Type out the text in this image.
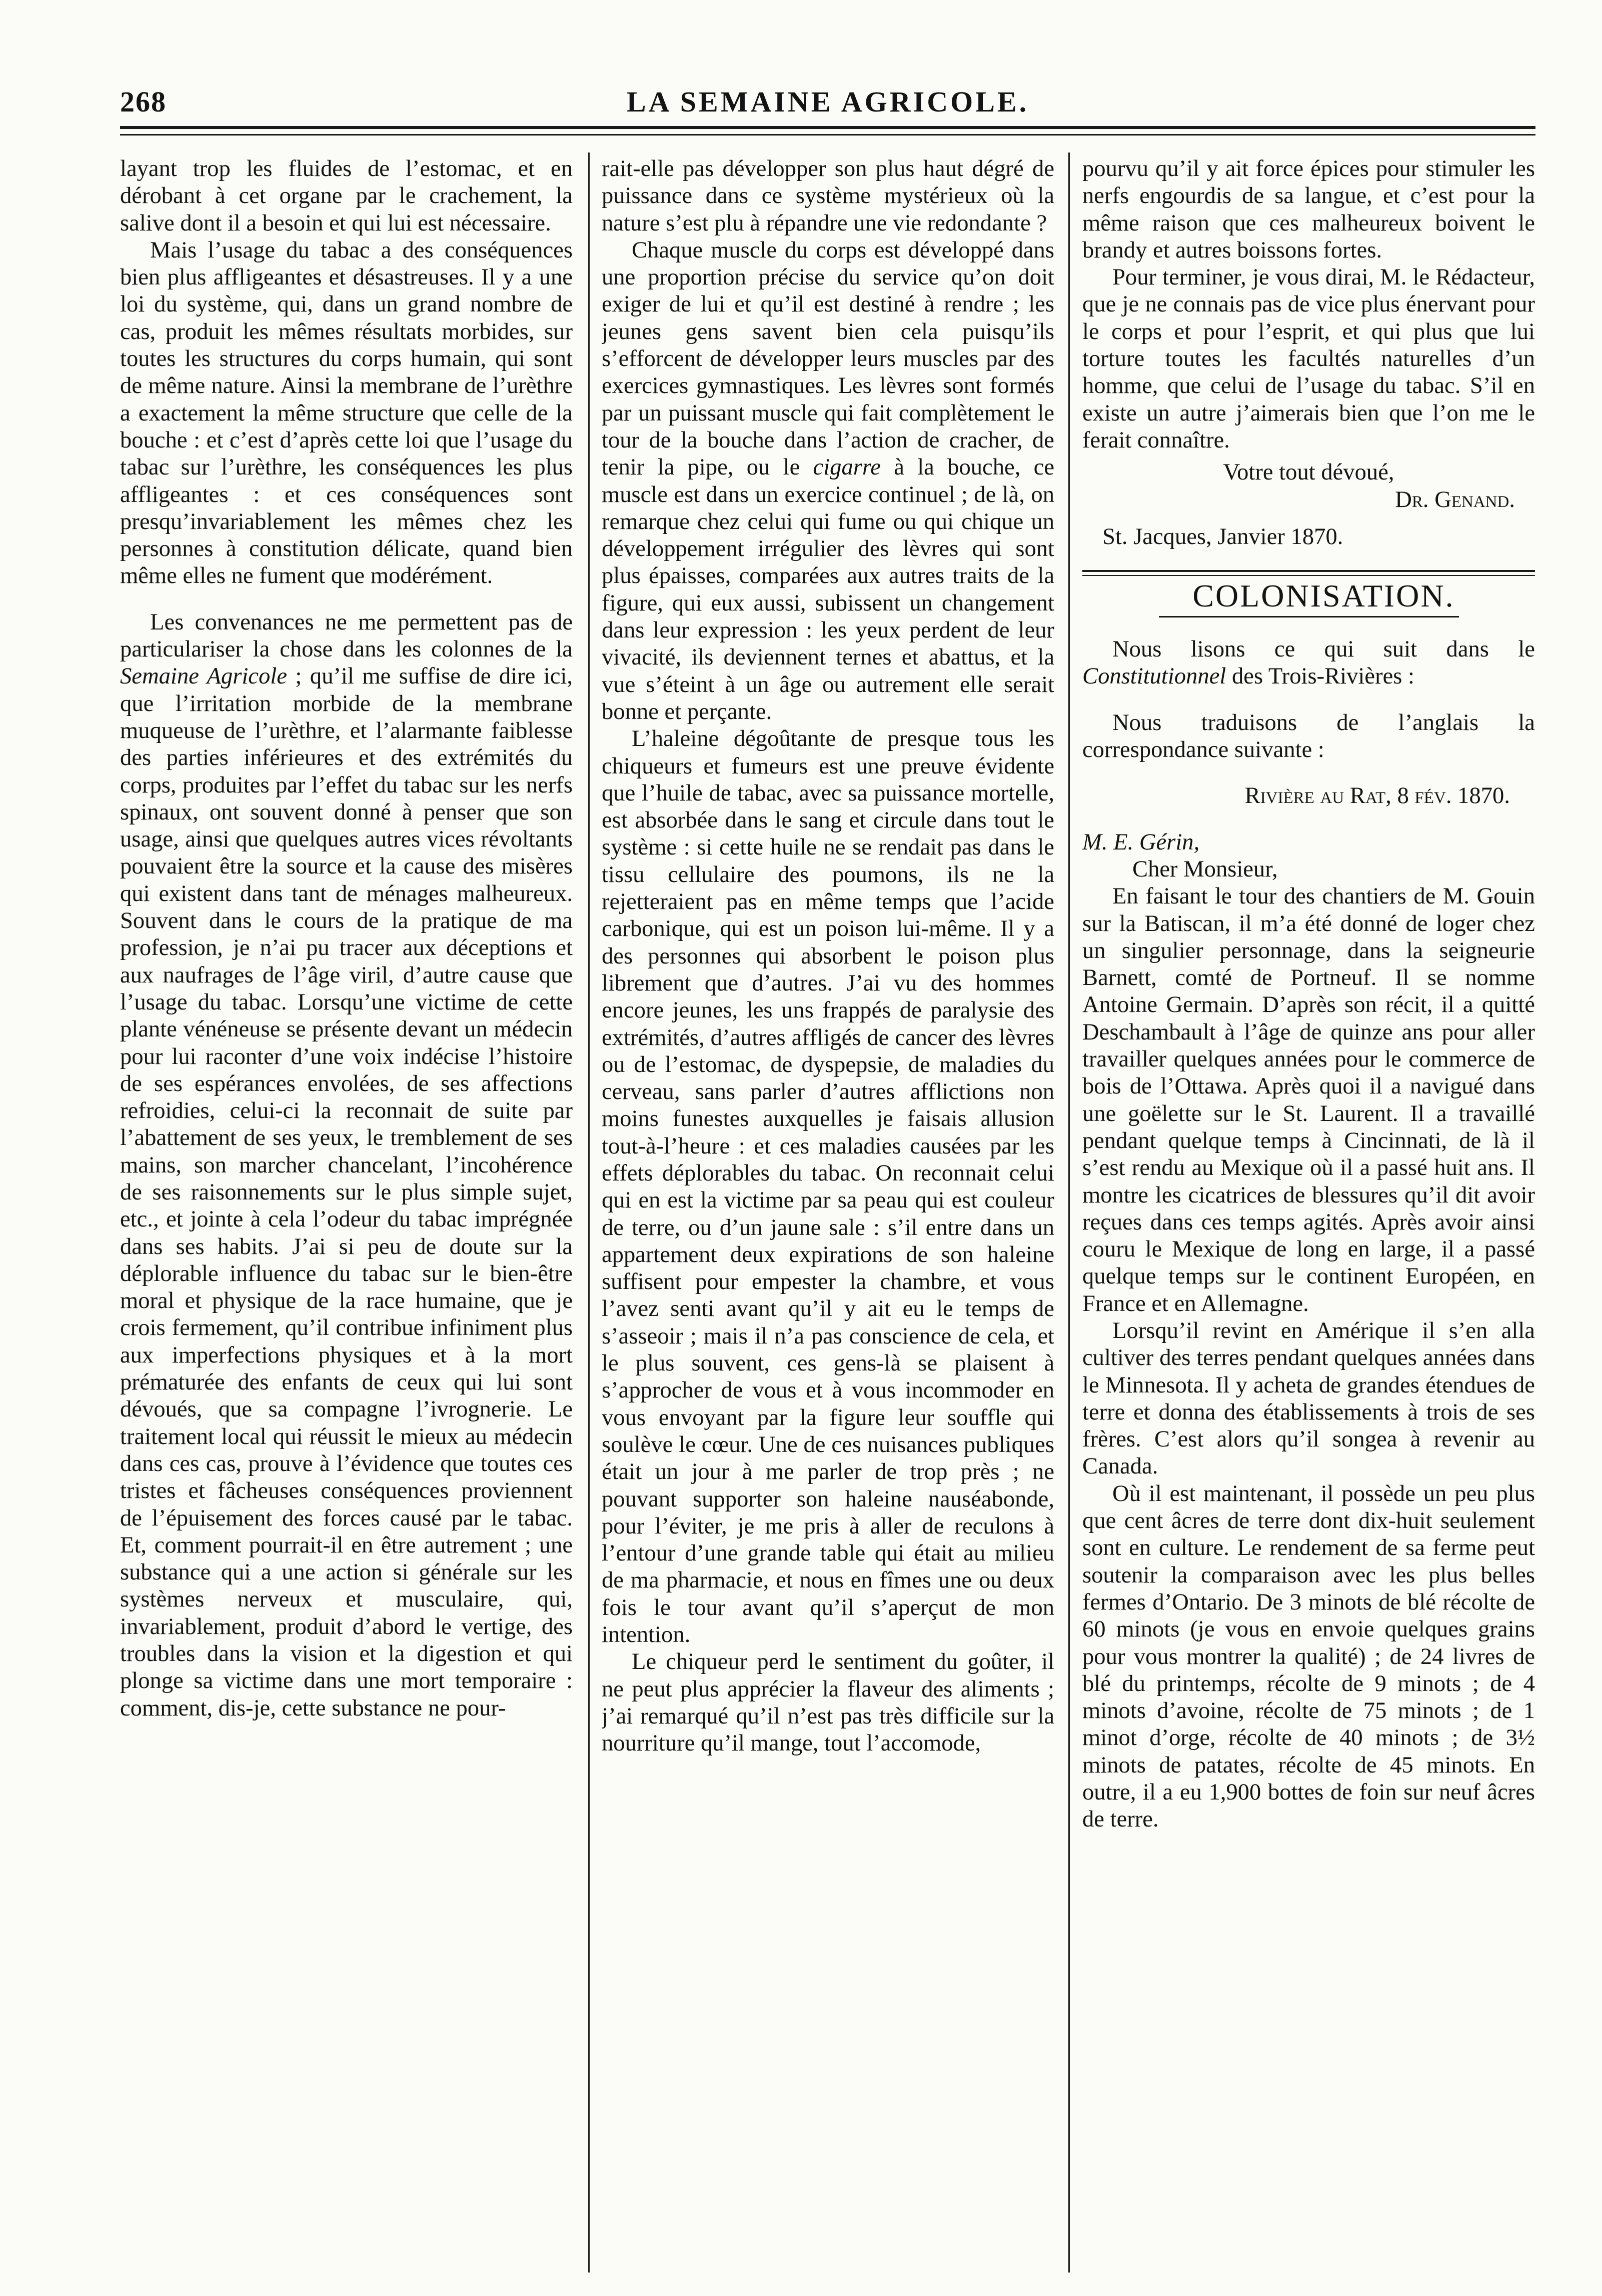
268	LA SEMAINE AGRICOLE.

layant trop les fluides de l’estomac, et en dérobant à cet organe par le crachement, la salive dont il a besoin et qui lui est nécessaire.

Mais l’usage du tabac a des conséquences bien plus affligeantes et désastreuses. Il y a une loi du système, qui, dans un grand nombre de cas, produit les mêmes résultats morbides, sur toutes les structures du corps humain, qui sont de même nature. Ainsi la membrane de l’urèthre a exactement la même structure que celle de la bouche : et c’est d’après cette loi que l’usage du tabac sur l’urèthre, les conséquences les plus affligeantes : et ces conséquences sont presqu’invariablement les mêmes chez les personnes à constitution délicate, quand bien même elles ne fument que modérément.

Les convenances ne me permettent pas de particulariser la chose dans les colonnes de la Semaine Agricole ; qu’il me suffise de dire ici, que l’irritation morbide de la membrane muqueuse de l’urèthre, et l’alarmante faiblesse des parties inférieures et des extrémités du corps, produites par l’effet du tabac sur les nerfs spinaux, ont souvent donné à penser que son usage, ainsi que quelques autres vices révoltants pouvaient être la source et la cause des misères qui existent dans tant de ménages malheureux. Souvent dans le cours de la pratique de ma profession, je n’ai pu tracer aux déceptions et aux naufrages de l’âge viril, d’autre cause que l’usage du tabac. Lorsqu’une victime de cette plante vénéneuse se présente devant un médecin pour lui raconter d’une voix indécise l’histoire de ses espérances envolées, de ses affections refroidies, celui-ci la reconnait de suite par l’abattement de ses yeux, le tremblement de ses mains, son marcher chancelant, l’incohérence de ses raisonnements sur le plus simple sujet, etc., et jointe à cela l’odeur du tabac imprégnée dans ses habits. J’ai si peu de doute sur la déplorable influence du tabac sur le bien-être moral et physique de la race humaine, que je crois fermement, qu’il contribue infiniment plus aux imperfections physiques et à la mort prématurée des enfants de ceux qui lui sont dévoués, que sa compagne l’ivrognerie. Le traitement local qui réussit le mieux au médecin dans ces cas, prouve à l’évidence que toutes ces tristes et fâcheuses conséquences proviennent de l’épuisement des forces causé par le tabac. Et, comment pourrait-il en être autrement ; une substance qui a une action si générale sur les systèmes nerveux et musculaire, qui, invariablement, produit d’abord le vertige, des troubles dans la vision et la digestion et qui plonge sa victime dans une mort temporaire : comment, dis-je, cette substance ne pour-

rait-elle pas développer son plus haut dégré de puissance dans ce système mystérieux où la nature s’est plu à répandre une vie redondante ?

Chaque muscle du corps est développé dans une proportion précise du service qu’on doit exiger de lui et qu’il est destiné à rendre ; les jeunes gens savent bien cela puisqu’ils s’efforcent de développer leurs muscles par des exercices gymnastiques. Les lèvres sont formés par un puissant muscle qui fait complètement le tour de la bouche dans l’action de cracher, de tenir la pipe, ou le cigarre à la bouche, ce muscle est dans un exercice continuel ; de là, on remarque chez celui qui fume ou qui chique un développement irrégulier des lèvres qui sont plus épaisses, comparées aux autres traits de la figure, qui eux aussi, subissent un changement dans leur expression : les yeux perdent de leur vivacité, ils deviennent ternes et abattus, et la vue s’éteint à un âge ou autrement elle serait bonne et perçante.

L’haleine dégoûtante de presque tous les chiqueurs et fumeurs est une preuve évidente que l’huile de tabac, avec sa puissance mortelle, est absorbée dans le sang et circule dans tout le système : si cette huile ne se rendait pas dans le tissu cellulaire des poumons, ils ne la rejetteraient pas en même temps que l’acide carbonique, qui est un poison lui-même. Il y a des personnes qui absorbent le poison plus librement que d’autres. J’ai vu des hommes encore jeunes, les uns frappés de paralysie des extrémités, d’autres affligés de cancer des lèvres ou de l’estomac, de dyspepsie, de maladies du cerveau, sans parler d’autres afflictions non moins funestes auxquelles je faisais allusion tout-à-l’heure : et ces maladies causées par les effets déplorables du tabac. On reconnait celui qui en est la victime par sa peau qui est couleur de terre, ou d’un jaune sale : s’il entre dans un appartement deux expirations de son haleine suffisent pour empester la chambre, et vous l’avez senti avant qu’il y ait eu le temps de s’asseoir ; mais il n’a pas conscience de cela, et le plus souvent, ces gens-là se plaisent à s’approcher de vous et à vous incommoder en vous envoyant par la figure leur souffle qui soulève le cœur. Une de ces nuisances publiques était un jour à me parler de trop près ; ne pouvant supporter son haleine nauséabonde, pour l’éviter, je me pris à aller de reculons à l’entour d’une grande table qui était au milieu de ma pharmacie, et nous en fîmes une ou deux fois le tour avant qu’il s’aperçut de mon intention.

Le chiqueur perd le sentiment du goûter, il ne peut plus apprécier la flaveur des aliments ; j’ai remarqué qu’il n’est pas très difficile sur la nourriture qu’il mange, tout l’accomode,

pourvu qu’il y ait force épices pour stimuler les nerfs engourdis de sa langue, et c’est pour la même raison que ces malheureux boivent le brandy et autres boissons fortes.

Pour terminer, je vous dirai, M. le Rédacteur, que je ne connais pas de vice plus énervant pour le corps et pour l’esprit, et qui plus que lui torture toutes les facultés naturelles d’un homme, que celui de l’usage du tabac. S’il en existe un autre j’aimerais bien que l’on me le ferait connaître.

Votre tout dévoué,

Dr. Genand.

St. Jacques, Janvier 1870.

COLONISATION.

Nous lisons ce qui suit dans le Constitutionnel des Trois-Rivières :

Nous traduisons de l’anglais la correspondance suivante :

Rivière au Rat, 8 fév. 1870.

M. E. Gérin,

Cher Monsieur,

En faisant le tour des chantiers de M. Gouin sur la Batiscan, il m’a été donné de loger chez un singulier personnage, dans la seigneurie Barnett, comté de Portneuf. Il se nomme Antoine Germain. D’après son récit, il a quitté Deschambault à l’âge de quinze ans pour aller travailler quelques années pour le commerce de bois de l’Ottawa. Après quoi il a navigué dans une goëlette sur le St. Laurent. Il a travaillé pendant quelque temps à Cincinnati, de là il s’est rendu au Mexique où il a passé huit ans. Il montre les cicatrices de blessures qu’il dit avoir reçues dans ces temps agités. Après avoir ainsi couru le Mexique de long en large, il a passé quelque temps sur le continent Européen, en France et en Allemagne.

Lorsqu’il revint en Amérique il s’en alla cultiver des terres pendant quelques années dans le Minnesota. Il y acheta de grandes étendues de terre et donna des établissements à trois de ses frères. C’est alors qu’il songea à revenir au Canada.

Où il est maintenant, il possède un peu plus que cent âcres de terre dont dix-huit seulement sont en culture. Le rendement de sa ferme peut soutenir la comparaison avec les plus belles fermes d’Ontario. De 3 minots de blé récolte de 60 minots (je vous en envoie quelques grains pour vous montrer la qualité) ; de 24 livres de blé du printemps, récolte de 9 minots ; de 4 minots d’avoine, récolte de 75 minots ; de 1 minot d’orge, récolte de 40 minots ; de 3½ minots de patates, récolte de 45 minots. En outre, il a eu 1,900 bottes de foin sur neuf âcres de terre.
